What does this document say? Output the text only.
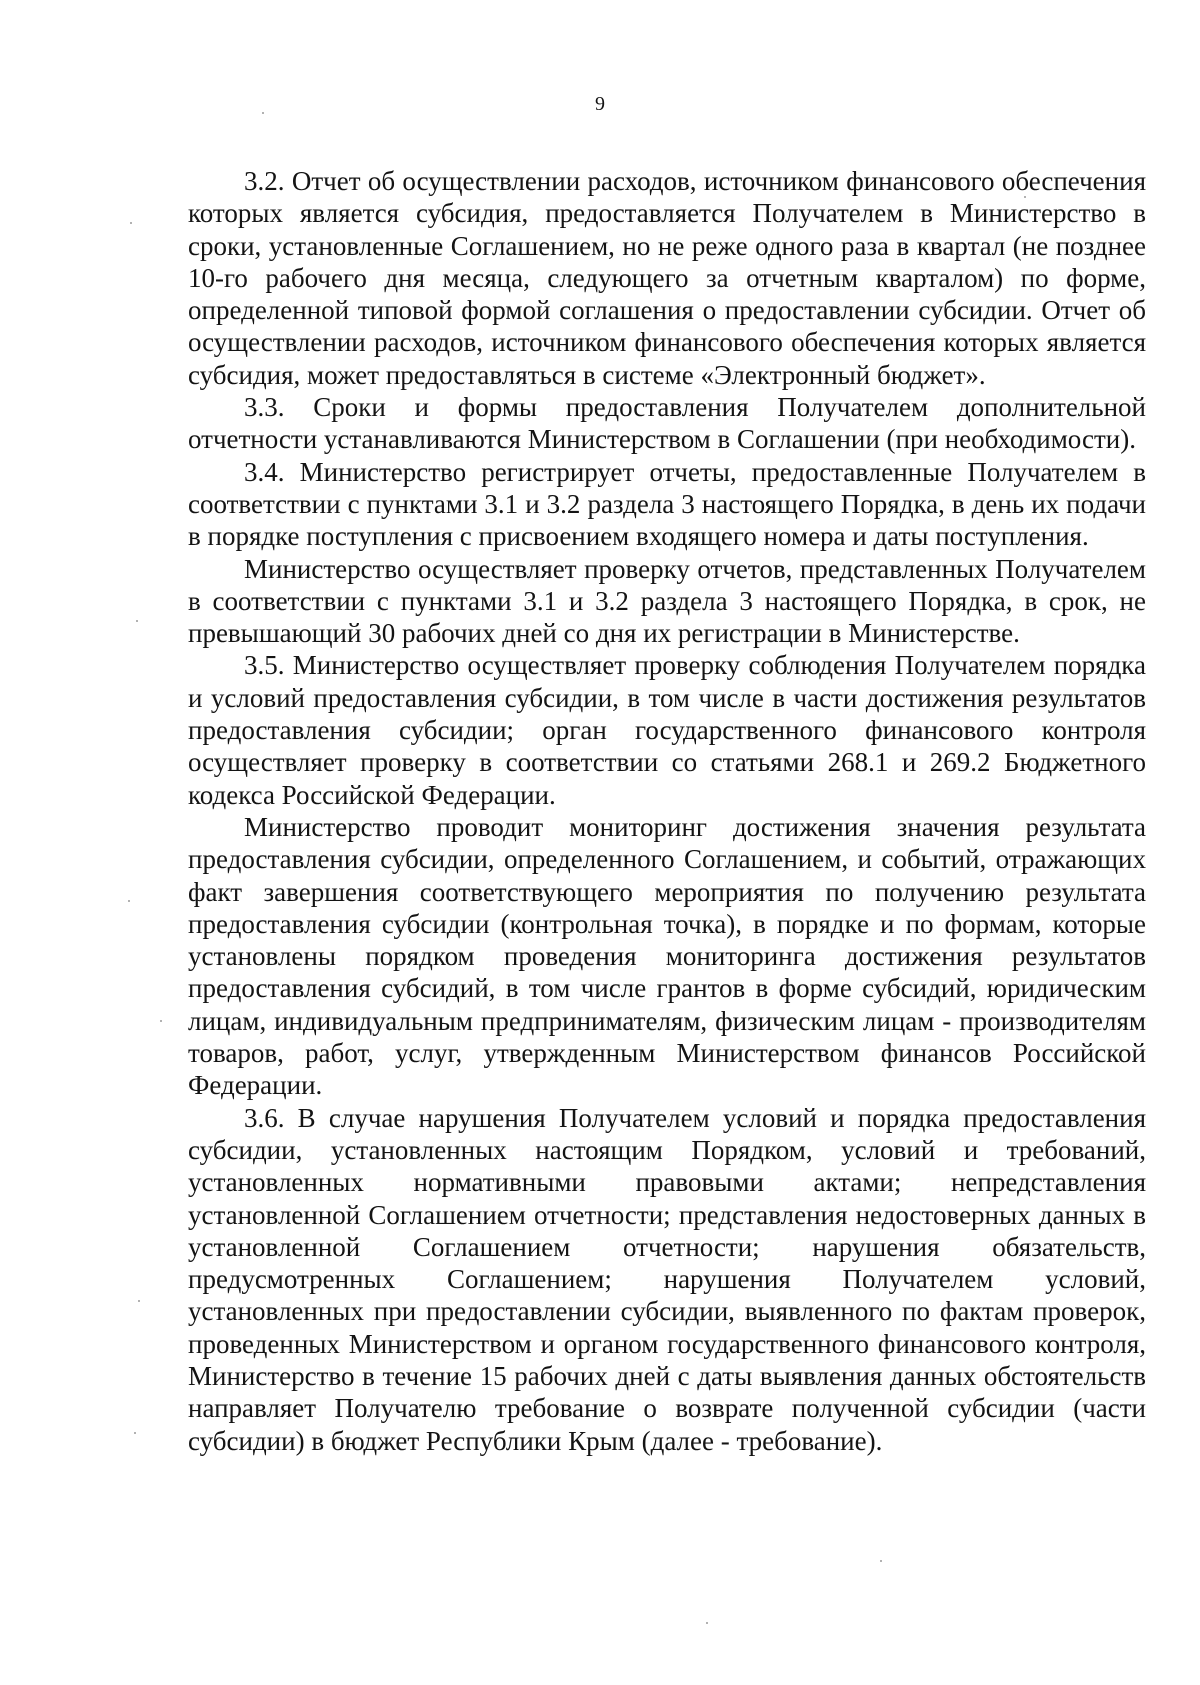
9

3.2. Отчет об осуществлении расходов, источником финансового обеспечения которых является субсидия, предоставляется Получателем в Министерство в сроки, установленные Соглашением, но не реже одного раза в квартал (не позднее 10-го рабочего дня месяца, следующего за отчетным кварталом) по форме, определенной типовой формой соглашения о предоставлении субсидии. Отчет об осуществлении расходов, источником финансового обеспечения которых является субсидия, может предоставляться в системе «Электронный бюджет».

3.3. Сроки и формы предоставления Получателем дополнительной отчетности устанавливаются Министерством в Соглашении (при необходимости).

3.4. Министерство регистрирует отчеты, предоставленные Получателем в соответствии с пунктами 3.1 и 3.2 раздела 3 настоящего Порядка, в день их подачи в порядке поступления с присвоением входящего номера и даты поступления.

Министерство осуществляет проверку отчетов, представленных Получателем в соответствии с пунктами 3.1 и 3.2 раздела 3 настоящего Порядка, в срок, не превышающий 30 рабочих дней со дня их регистрации в Министерстве.

3.5. Министерство осуществляет проверку соблюдения Получателем порядка и условий предоставления субсидии, в том числе в части достижения результатов предоставления субсидии; орган государственного финансового контроля осуществляет проверку в соответствии со статьями 268.1 и 269.2 Бюджетного кодекса Российской Федерации.

Министерство проводит мониторинг достижения значения результата предоставления субсидии, определенного Соглашением, и событий, отражающих факт завершения соответствующего мероприятия по получению результата предоставления субсидии (контрольная точка), в порядке и по формам, которые установлены порядком проведения мониторинга достижения результатов предоставления субсидий, в том числе грантов в форме субсидий, юридическим лицам, индивидуальным предпринимателям, физическим лицам - производителям товаров, работ, услуг, утвержденным Министерством финансов Российской Федерации.

3.6. В случае нарушения Получателем условий и порядка предоставления субсидии, установленных настоящим Порядком, условий и требований, установленных нормативными правовыми актами; непредставления установленной Соглашением отчетности; представления недостоверных данных в установленной Соглашением отчетности; нарушения обязательств, предусмотренных Соглашением; нарушения Получателем условий, установленных при предоставлении субсидии, выявленного по фактам проверок, проведенных Министерством и органом государственного финансового контроля, Министерство в течение 15 рабочих дней с даты выявления данных обстоятельств направляет Получателю требование о возврате полученной субсидии (части субсидии) в бюджет Республики Крым (далее - требование).
